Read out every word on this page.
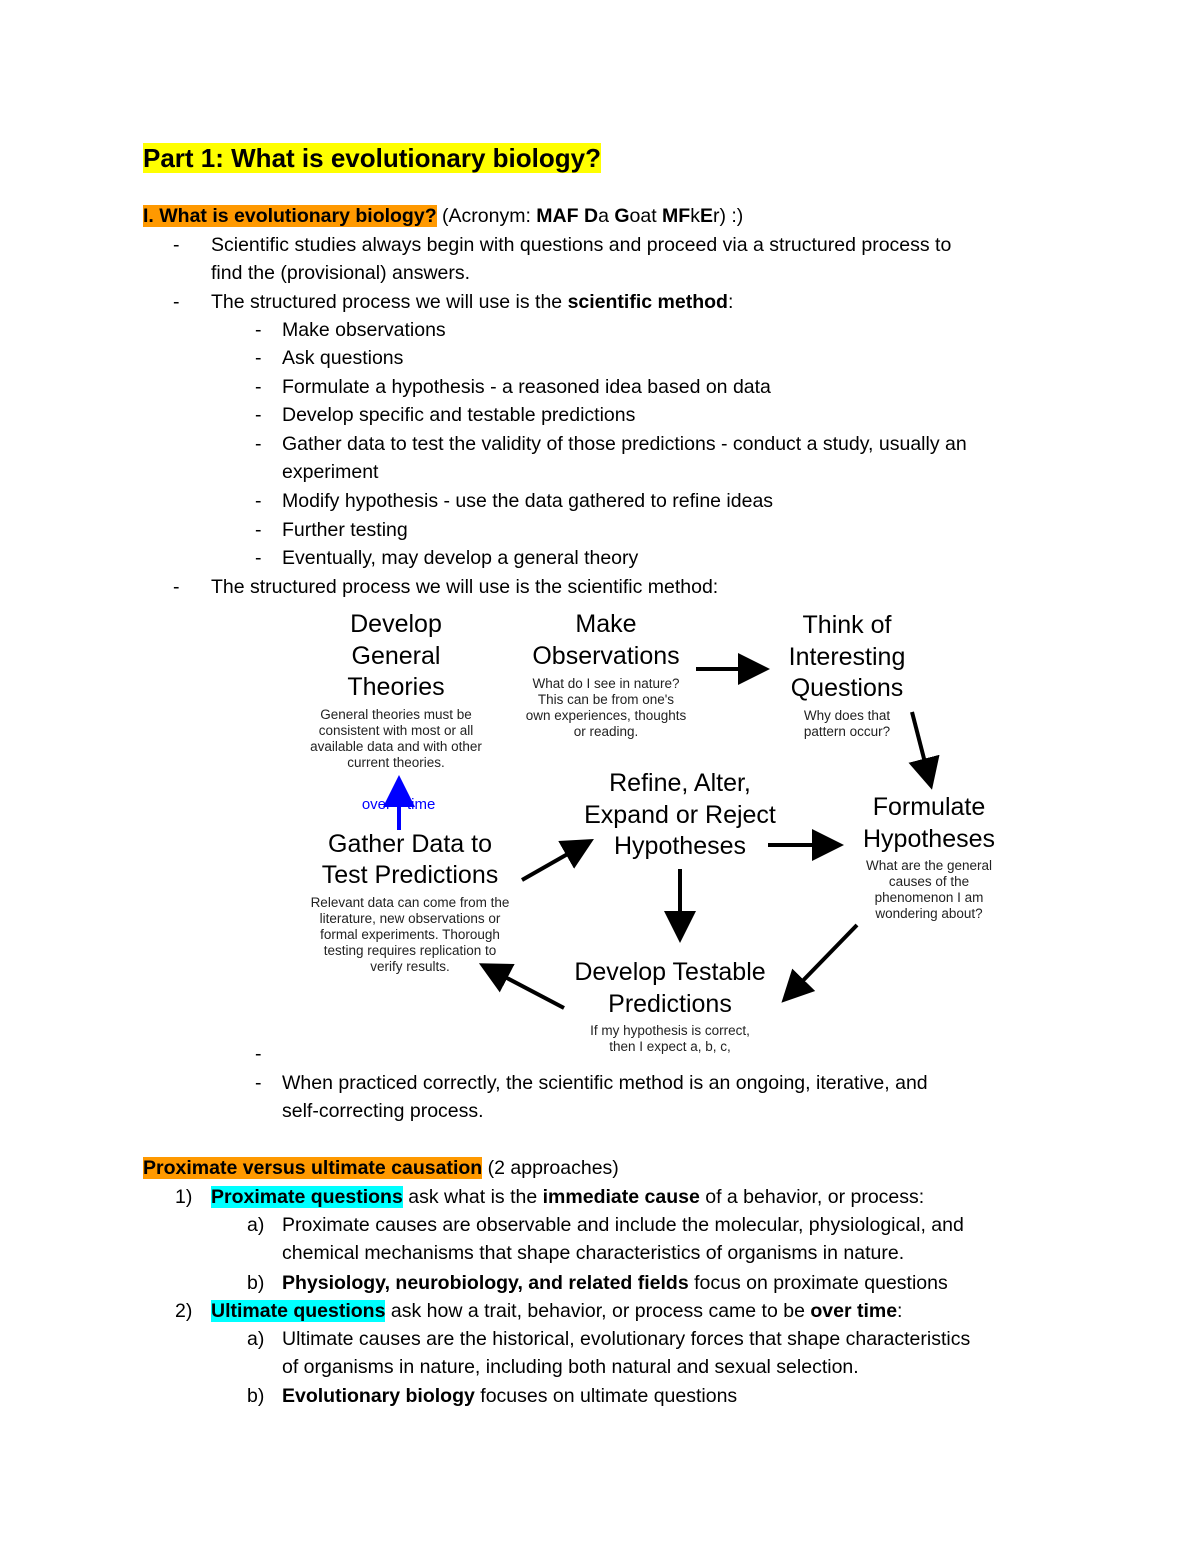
Part 1: What is evolutionary biology?
I. What is evolutionary biology? (Acronym: MAF Da Goat MFkEr) :)
- Scientific studies always begin with questions and proceed via a structured process to
find the (provisional) answers.
- The structured process we will use is the scientific method:
- Make observations
- Ask questions
- Formulate a hypothesis - a reasoned idea based on data
- Develop specific and testable predictions
- Gather data to test the validity of those predictions - conduct a study, usually an
experiment
- Modify hypothesis - use the data gathered to refine ideas
- Further testing
- Eventually, may develop a general theory
- The structured process we will use is the scientific method:
Develop
General
Theories
General theories must be
consistent with most or all
available data and with other
current theories.
Make
Observations
What do I see in nature?
This can be from one's
own experiences, thoughts
or reading.
Think of
Interesting
Questions
Why does that
pattern occur?
Refine, Alter,
Expand or Reject
Hypotheses
Formulate
Hypotheses
What are the general
causes of the
phenomenon I am
wondering about?
Gather Data to
Test Predictions
Relevant data can come from the
literature, new observations or
formal experiments. Thorough
testing requires replication to
verify results.	Develop Testable
Predictions
If my hypothesis is correct,
then I expect a, b, c,
over time
-
- When practiced correctly, the scientific method is an ongoing, iterative, and
self-correcting process.
Proximate versus ultimate causation (2 approaches)
1) Proximate questions ask what is the immediate cause of a behavior, or process:
a) Proximate causes are observable and include the molecular, physiological, and
chemical mechanisms that shape characteristics of organisms in nature.
b) Physiology, neurobiology, and related fields focus on proximate questions
2) Ultimate questions ask how a trait, behavior, or process came to be over time:
a) Ultimate causes are the historical, evolutionary forces that shape characteristics
of organisms in nature, including both natural and sexual selection.
b) Evolutionary biology focuses on ultimate questions
